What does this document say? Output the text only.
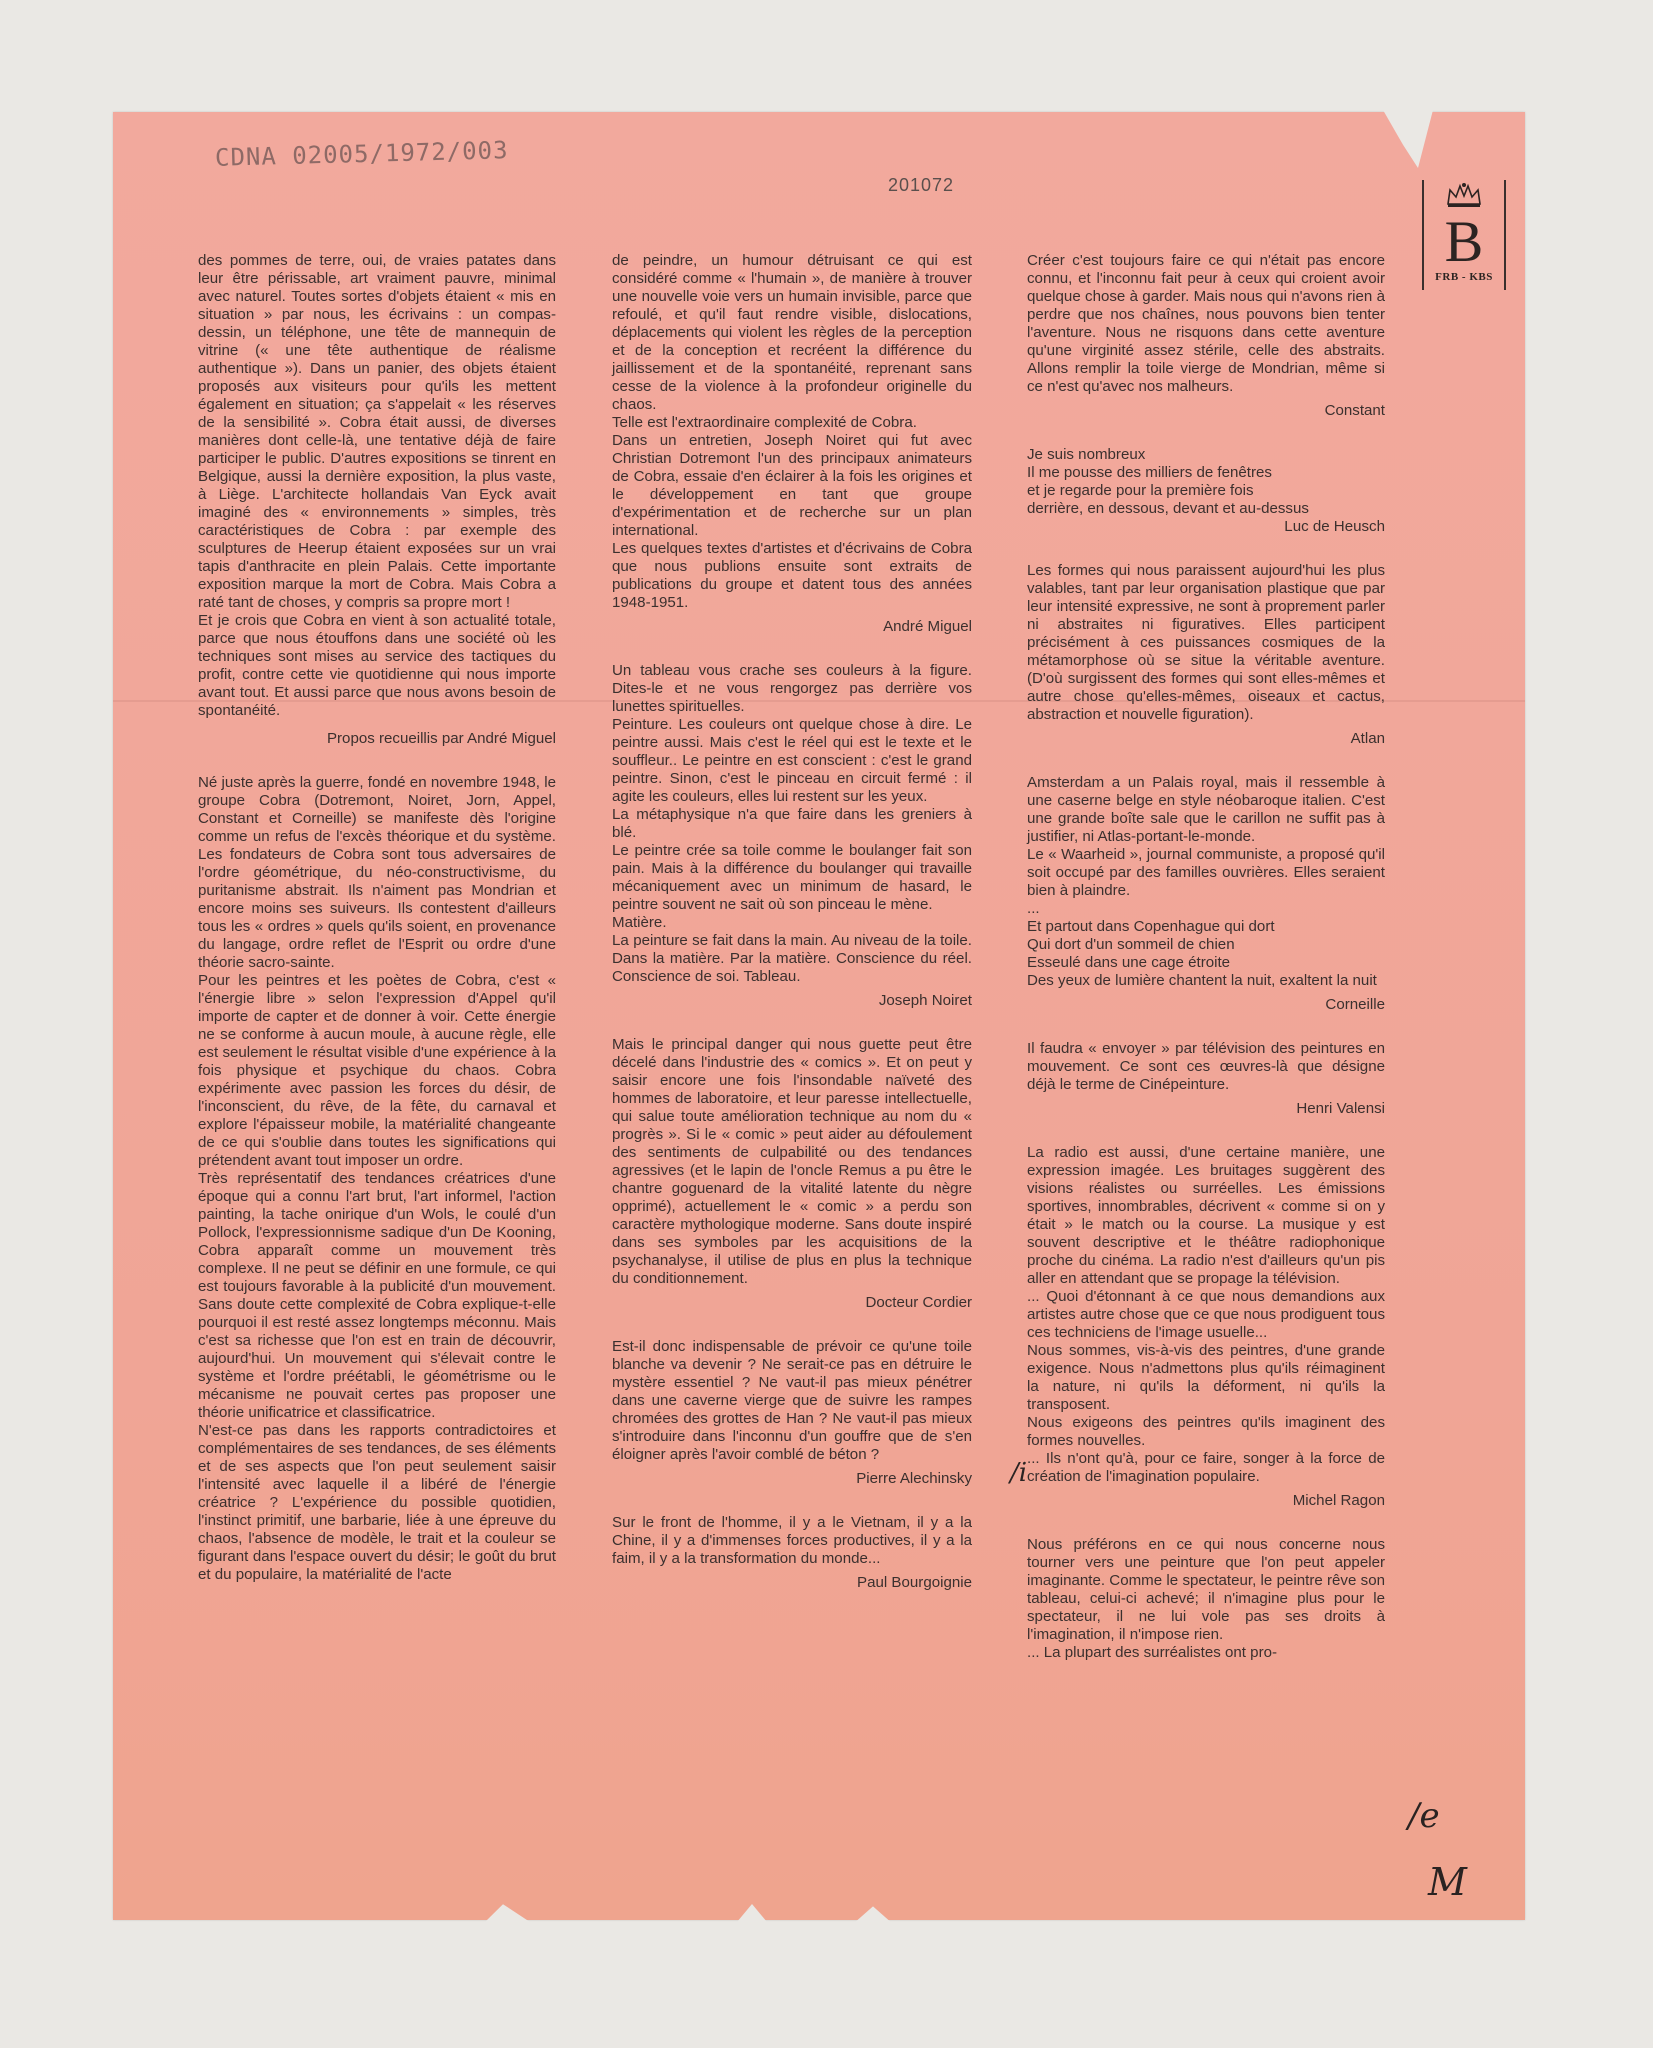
CDNA 02005/1972/003
201072
B
FRB - KBS

des pommes de terre, oui, de vraies patates dans leur être périssable, art vraiment pauvre, minimal avec naturel. Toutes sortes d'objets étaient « mis en situation » par nous, les écrivains : un compas-dessin, un téléphone, une tête de mannequin de vitrine (« une tête authentique de réalisme authentique »). Dans un panier, des objets étaient proposés aux visiteurs pour qu'ils les mettent également en situation; ça s'appelait « les réserves de la sensibilité ». Cobra était aussi, de diverses manières dont celle-là, une tentative déjà de faire participer le public. D'autres expositions se tinrent en Belgique, aussi la dernière exposition, la plus vaste, à Liège. L'architecte hollandais Van Eyck avait imaginé des « environnements » simples, très caractéristiques de Cobra : par exemple des sculptures de Heerup étaient exposées sur un vrai tapis d'anthracite en plein Palais. Cette importante exposition marque la mort de Cobra. Mais Cobra a raté tant de choses, y compris sa propre mort !

Et je crois que Cobra en vient à son actualité totale, parce que nous étouffons dans une société où les techniques sont mises au service des tactiques du profit, contre cette vie quotidienne qui nous importe avant tout. Et aussi parce que nous avons besoin de spontanéité.

Propos recueillis par André Miguel

Né juste après la guerre, fondé en novembre 1948, le groupe Cobra (Dotremont, Noiret, Jorn, Appel, Constant et Corneille) se manifeste dès l'origine comme un refus de l'excès théorique et du système. Les fondateurs de Cobra sont tous adversaires de l'ordre géométrique, du néo-constructivisme, du puritanisme abstrait. Ils n'aiment pas Mondrian et encore moins ses suiveurs. Ils contestent d'ailleurs tous les « ordres » quels qu'ils soient, en provenance du langage, ordre reflet de l'Esprit ou ordre d'une théorie sacro-sainte.

Pour les peintres et les poètes de Cobra, c'est « l'énergie libre » selon l'expression d'Appel qu'il importe de capter et de donner à voir. Cette énergie ne se conforme à aucun moule, à aucune règle, elle est seulement le résultat visible d'une expérience à la fois physique et psychique du chaos. Cobra expérimente avec passion les forces du désir, de l'inconscient, du rêve, de la fête, du carnaval et explore l'épaisseur mobile, la matérialité changeante de ce qui s'oublie dans toutes les significations qui prétendent avant tout imposer un ordre.

Très représentatif des tendances créatrices d'une époque qui a connu l'art brut, l'art informel, l'action painting, la tache onirique d'un Wols, le coulé d'un Pollock, l'expressionnisme sadique d'un De Kooning, Cobra apparaît comme un mouvement très complexe. Il ne peut se définir en une formule, ce qui est toujours favorable à la publicité d'un mouvement. Sans doute cette complexité de Cobra explique-t-elle pourquoi il est resté assez longtemps méconnu. Mais c'est sa richesse que l'on est en train de découvrir, aujourd'hui. Un mouvement qui s'élevait contre le système et l'ordre préétabli, le géométrisme ou le mécanisme ne pouvait certes pas proposer une théorie unificatrice et classificatrice.

N'est-ce pas dans les rapports contradictoires et complémentaires de ses tendances, de ses éléments et de ses aspects que l'on peut seulement saisir l'intensité avec laquelle il a libéré de l'énergie créatrice ? L'expérience du possible quotidien, l'instinct primitif, une barbarie, liée à une épreuve du chaos, l'absence de modèle, le trait et la couleur se figurant dans l'espace ouvert du désir; le goût du brut et du populaire, la matérialité de l'acte

de peindre, un humour détruisant ce qui est considéré comme « l'humain », de manière à trouver une nouvelle voie vers un humain invisible, parce que refoulé, et qu'il faut rendre visible, dislocations, déplacements qui violent les règles de la perception et de la conception et recréent la différence du jaillissement et de la spontanéité, reprenant sans cesse de la violence à la profondeur originelle du chaos.

Telle est l'extraordinaire complexité de Cobra.

Dans un entretien, Joseph Noiret qui fut avec Christian Dotremont l'un des principaux animateurs de Cobra, essaie d'en éclairer à la fois les origines et le développement en tant que groupe d'expérimentation et de recherche sur un plan international.

Les quelques textes d'artistes et d'écrivains de Cobra que nous publions ensuite sont extraits de publications du groupe et datent tous des années 1948-1951.

André Miguel

Un tableau vous crache ses couleurs à la figure. Dites-le et ne vous rengorgez pas derrière vos lunettes spirituelles.

Peinture. Les couleurs ont quelque chose à dire. Le peintre aussi. Mais c'est le réel qui est le texte et le souffleur.. Le peintre en est conscient : c'est le grand peintre. Sinon, c'est le pinceau en circuit fermé : il agite les couleurs, elles lui restent sur les yeux.

La métaphysique n'a que faire dans les greniers à blé.

Le peintre crée sa toile comme le boulanger fait son pain. Mais à la différence du boulanger qui travaille mécaniquement avec un minimum de hasard, le peintre souvent ne sait où son pinceau le mène.

Matière.

La peinture se fait dans la main. Au niveau de la toile. Dans la matière. Par la matière. Conscience du réel. Conscience de soi. Tableau.

Joseph Noiret

Mais le principal danger qui nous guette peut être décelé dans l'industrie des « comics ». Et on peut y saisir encore une fois l'insondable naïveté des hommes de laboratoire, et leur paresse intellectuelle, qui salue toute amélioration technique au nom du « progrès ». Si le « comic » peut aider au défoulement des sentiments de culpabilité ou des tendances agressives (et le lapin de l'oncle Remus a pu être le chantre goguenard de la vitalité latente du nègre opprimé), actuellement le « comic » a perdu son caractère mythologique moderne. Sans doute inspiré dans ses symboles par les acquisitions de la psychanalyse, il utilise de plus en plus la technique du conditionnement.

Docteur Cordier

Est-il donc indispensable de prévoir ce qu'une toile blanche va devenir ? Ne serait-ce pas en détruire le mystère essentiel ? Ne vaut-il pas mieux pénétrer dans une caverne vierge que de suivre les rampes chromées des grottes de Han ? Ne vaut-il pas mieux s'introduire dans l'inconnu d'un gouffre que de s'en éloigner après l'avoir comblé de béton ?

Pierre Alechinsky

Sur le front de l'homme, il y a le Vietnam, il y a la Chine, il y a d'immenses forces productives, il y a la faim, il y a la transformation du monde...

Paul Bourgoignie

Créer c'est toujours faire ce qui n'était pas encore connu, et l'inconnu fait peur à ceux qui croient avoir quelque chose à garder. Mais nous qui n'avons rien à perdre que nos chaînes, nous pouvons bien tenter l'aventure. Nous ne risquons dans cette aventure qu'une virginité assez stérile, celle des abstraits. Allons remplir la toile vierge de Mondrian, même si ce n'est qu'avec nos malheurs.

Constant

Je suis nombreux

Il me pousse des milliers de fenêtres

et je regarde pour la première fois

derrière, en dessous, devant et au-dessus

Luc de Heusch

Les formes qui nous paraissent aujourd'hui les plus valables, tant par leur organisation plastique que par leur intensité expressive, ne sont à proprement parler ni abstraites ni figuratives. Elles participent précisément à ces puissances cosmiques de la métamorphose où se situe la véritable aventure. (D'où surgissent des formes qui sont elles-mêmes et autre chose qu'elles-mêmes, oiseaux et cactus, abstraction et nouvelle figuration).

Atlan

Amsterdam a un Palais royal, mais il ressemble à une caserne belge en style néobaroque italien. C'est une grande boîte sale que le carillon ne suffit pas à justifier, ni Atlas-portant-le-monde.

Le « Waarheid », journal communiste, a proposé qu'il soit occupé par des familles ouvrières. Elles seraient bien à plaindre.

...

Et partout dans Copenhague qui dort

Qui dort d'un sommeil de chien

Esseulé dans une cage étroite

Des yeux de lumière chantent la nuit, exaltent la nuit

Corneille

Il faudra « envoyer » par télévision des peintures en mouvement. Ce sont ces œuvres-là que désigne déjà le terme de Cinépeinture.

Henri Valensi

La radio est aussi, d'une certaine manière, une expression imagée. Les bruitages suggèrent des visions réalistes ou surréelles. Les émissions sportives, innombrables, décrivent « comme si on y était » le match ou la course. La musique y est souvent descriptive et le théâtre radiophonique proche du cinéma. La radio n'est d'ailleurs qu'un pis aller en attendant que se propage la télévision.

... Quoi d'étonnant à ce que nous demandions aux artistes autre chose que ce que nous prodiguent tous ces techniciens de l'image usuelle...

Nous sommes, vis-à-vis des peintres, d'une grande exigence. Nous n'admettons plus qu'ils réimaginent la nature, ni qu'ils la déforment, ni qu'ils la transposent.

Nous exigeons des peintres qu'ils imaginent des formes nouvelles.

... Ils n'ont qu'à, pour ce faire, songer à la force de création de l'imagination populaire.

Michel Ragon

Nous préférons en ce qui nous concerne nous tourner vers une peinture que l'on peut appeler imaginante. Comme le spectateur, le peintre rêve son tableau, celui-ci achevé; il n'imagine plus pour le spectateur, il ne lui vole pas ses droits à l'imagination, il n'impose rien.

... La plupart des surréalistes ont pro-

/i
/e
M
